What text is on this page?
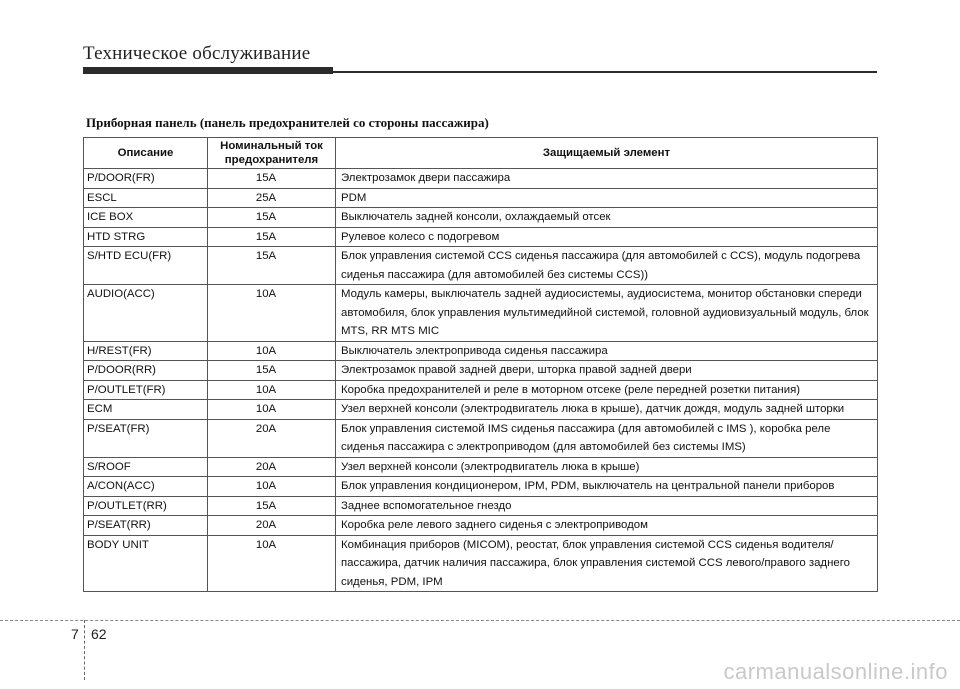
Техническое обслуживание
Приборная панель (панель предохранителей со стороны пассажира)
Описание	Номинальный ток предохранителя	Защищаемый элемент
P/DOOR(FR)	15A	Электрозамок двери пассажира
ESCL	25A	PDM
ICE BOX	15A	Выключатель задней консоли, охлаждаемый отсек
HTD STRG	15A	Рулевое колесо с подогревом
S/HTD ECU(FR)	15A	Блок управления системой CCS сиденья пассажира (для автомобилей с CCS), модуль подогрева сиденья пассажира (для автомобилей без системы CCS))
AUDIO(ACC)	10A	Модуль камеры, выключатель задней аудиосистемы, аудиосистема, монитор обстановки спереди автомобиля, блок управления мультимедийной системой, головной аудиовизуальный модуль, блок MTS, RR MTS MIC
H/REST(FR)	10A	Выключатель электропривода сиденья пассажира
P/DOOR(RR)	15A	Электрозамок правой задней двери, шторка правой задней двери
P/OUTLET(FR)	10A	Коробка предохранителей и реле в моторном отсеке (реле передней розетки питания)
ECM	10A	Узел верхней консоли (электродвигатель люка в крыше), датчик дождя, модуль задней шторки
P/SEAT(FR)	20A	Блок управления системой IMS сиденья пассажира (для автомобилей с IMS ), коробка реле сиденья пассажира с электроприводом (для автомобилей без системы IMS)
S/ROOF	20A	Узел верхней консоли (электродвигатель люка в крыше)
A/CON(ACC)	10A	Блок управления кондиционером, IPM, PDM, выключатель на центральной панели приборов
P/OUTLET(RR)	15A	Заднее вспомогательное гнездо
P/SEAT(RR)	20A	Коробка реле левого заднего сиденья с электроприводом
BODY UNIT	10A	Комбинация приборов (MICOM), реостат, блок управления системой CCS сиденья водителя/пассажира, датчик наличия пассажира, блок управления системой CCS левого/правого заднего сиденья, PDM, IPM
7 62
carmanualsonline.info
